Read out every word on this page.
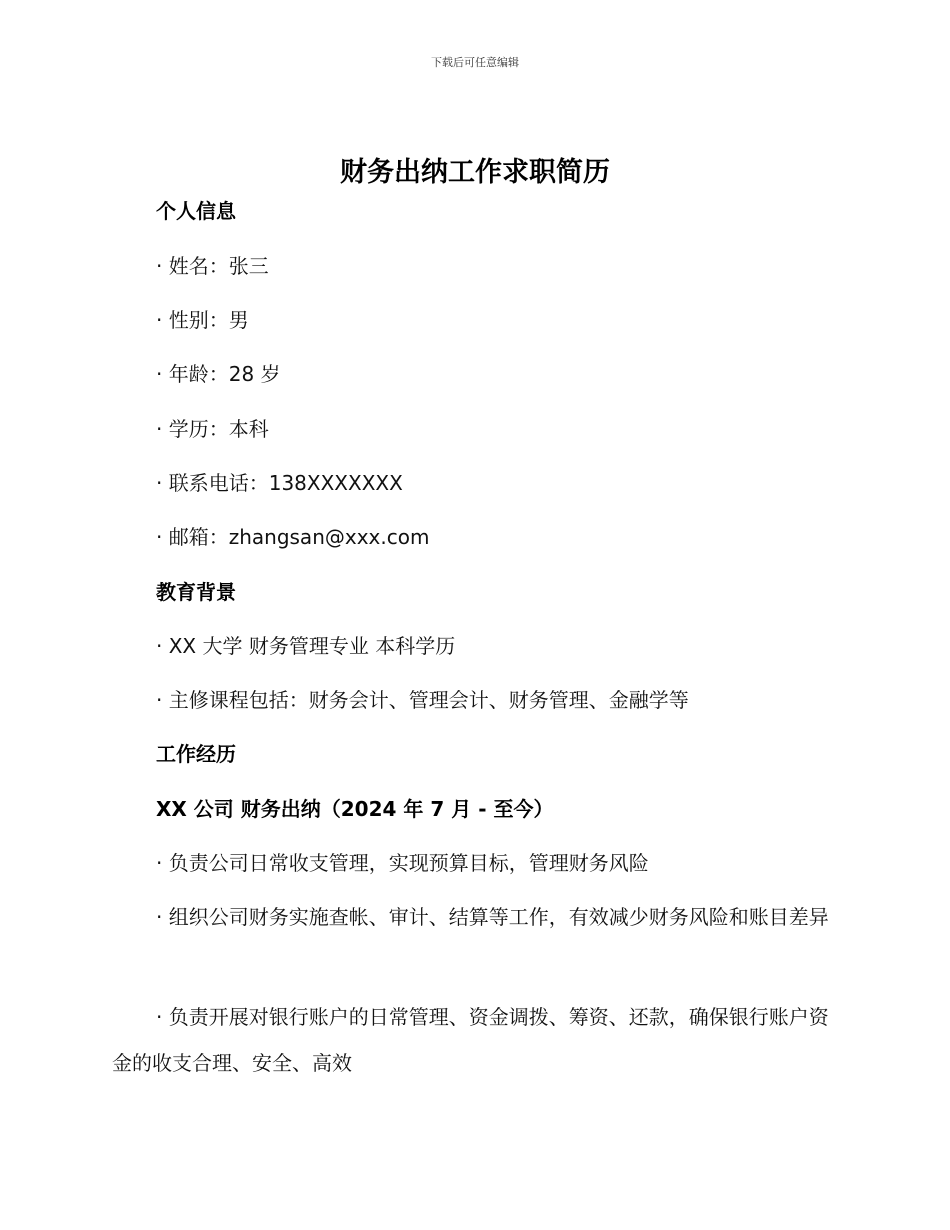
下载后可任意编辑
财务出纳工作求职简历

个人信息

· 姓名：张三

· 性别：男

· 年龄：28 岁

· 学历：本科

· 联系电话：138XXXXXXX

· 邮箱：zhangsan@xxx.com

教育背景

· XX 大学 财务管理专业 本科学历

· 主修课程包括：财务会计、管理会计、财务管理、金融学等

工作经历

XX 公司 财务出纳（2024 年 7 月 - 至今）

· 负责公司日常收支管理，实现预算目标，管理财务风险

· 组织公司财务实施查帐、审计、结算等工作，有效减少财务风险和账目差异

· 负责开展对银行账户的日常管理、资金调拨、筹资、还款，确保银行账户资金的收支合理、安全、高效
